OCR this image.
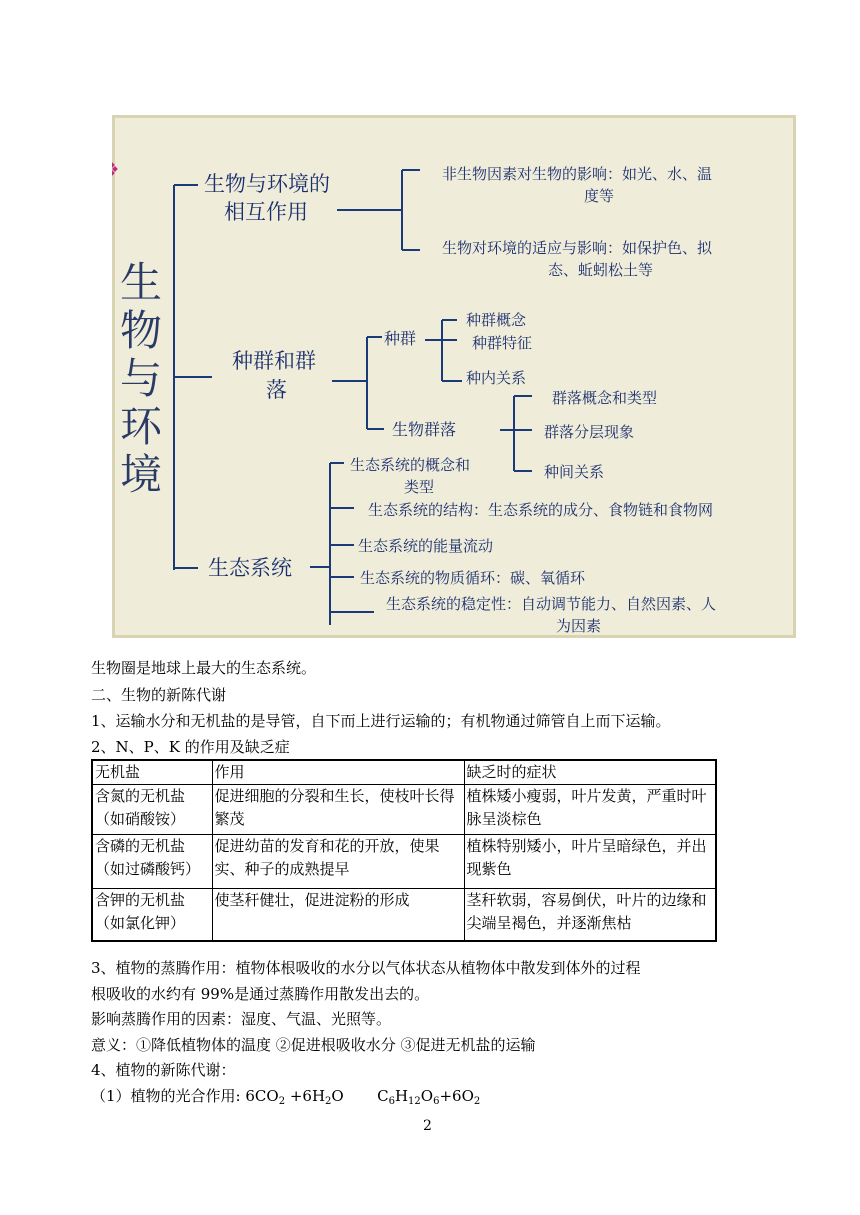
生
物
与
环
境
生物与环境的
相互作用
种群和群
落
生态系统
非生物因素对生物的影响：如光、水、温
度等
生物对环境的适应与影响：如保护色、拟
态、蚯蚓松土等
种群
种群概念
种群特征
种内关系
生物群落
群落概念和类型
群落分层现象
种间关系
生态系统的概念和
类型
生态系统的结构：生态系统的成分、食物链和食物网
生态系统的能量流动
生态系统的物质循环：碳、氧循环
生态系统的稳定性：自动调节能力、自然因素、人
为因素
生物圈是地球上最大的生态系统。
二、生物的新陈代谢
1、运输水分和无机盐的是导管，自下而上进行运输的；有机物通过筛管自上而下运输。
2、N、P、K 的作用及缺乏症
无机盐	作用	缺乏时的症状
含氮的无机盐（如硝酸铵）	促进细胞的分裂和生长，使枝叶长得繁茂	植株矮小瘦弱，叶片发黄，严重时叶脉呈淡棕色
含磷的无机盐（如过磷酸钙）	促进幼苗的发育和花的开放，使果实、种子的成熟提早	植株特别矮小，叶片呈暗绿色，并出现紫色
含钾的无机盐（如氯化钾）	使茎秆健壮，促进淀粉的形成	茎秆软弱，容易倒伏，叶片的边缘和尖端呈褐色，并逐渐焦枯
3、植物的蒸腾作用：植物体根吸收的水分以气体状态从植物体中散发到体外的过程
根吸收的水约有 99%是通过蒸腾作用散发出去的。
影响蒸腾作用的因素：湿度、气温、光照等。
意义：①降低植物体的温度 ②促进根吸收水分 ③促进无机盐的运输
4、植物的新陈代谢：
（1）植物的光合作用: $6CO_2 +6H_2O$       $C_6H_{12}O_6+6O_2$
2
